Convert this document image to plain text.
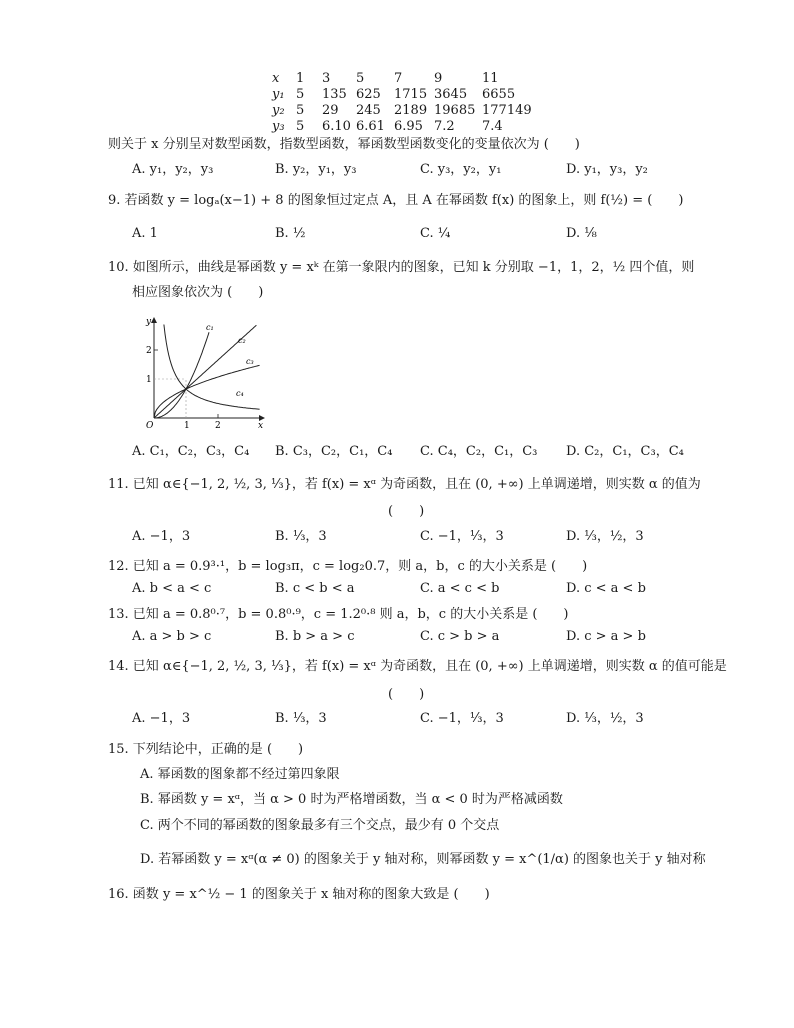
x	1	3	5	7	9	11
y₁	5	135	625	1715	3645	6655
y₂	5	29	245	2189	19685	177149
y₃	5	6.10	6.61	6.95	7.2	7.4
则关于 x 分别呈对数型函数，指数型函数，幂函数型函数变化的变量依次为 (　　)
A. y₁，y₂，y₃	B. y₂，y₁，y₃	C. y₃，y₂，y₁	D. y₁，y₃，y₂
9. 若函数 y = logₐ(x−1) + 8 的图象恒过定点 A，且 A 在幂函数 f(x) 的图象上，则 f(½) = (　　)
A. 1	B. ½	C. ¼	D. ⅛
10. 如图所示，曲线是幂函数 y = xᵏ 在第一象限内的图象，已知 k 分别取 −1，1，2，½ 四个值，则
相应图象依次为 (　　)
y
x
O
1
2
1	2
c₁
c₂
c₃
c₄
A. C₁，C₂，C₃，C₄ B. C₃，C₂，C₁，C₄ C. C₄，C₂，C₁，C₃ D. C₂，C₁，C₃，C₄
11. 已知 α∈{−1, 2, ½, 3, ⅓}，若 f(x) = xᵅ 为奇函数，且在 (0, +∞) 上单调递增，则实数 α 的值为
(　　)
A. −1，3	B. ⅓，3	C. −1，⅓，3	D. ⅓，½，3
12. 已知 a = 0.9³·¹，b = log₃π，c = log₂0.7，则 a，b，c 的大小关系是 (　　)
A. b < a < c	B. c < b < a	C. a < c < b	D. c < a < b
13. 已知 a = 0.8⁰·⁷，b = 0.8⁰·⁹，c = 1.2⁰·⁸ 则 a，b，c 的大小关系是 (　　)
A. a > b > c	B. b > a > c	C. c > b > a	D. c > a > b
14. 已知 α∈{−1, 2, ½, 3, ⅓}，若 f(x) = xᵅ 为奇函数，且在 (0, +∞) 上单调递增，则实数 α 的值可能是
(　　)
A. −1，3	B. ⅓，3	C. −1，⅓，3	D. ⅓，½，3
15. 下列结论中，正确的是 (　　)
A. 幂函数的图象都不经过第四象限
B. 幂函数 y = xᵅ，当 α > 0 时为严格增函数，当 α < 0 时为严格减函数
C. 两个不同的幂函数的图象最多有三个交点，最少有 0 个交点
D. 若幂函数 y = xᵅ(α ≠ 0) 的图象关于 y 轴对称，则幂函数 y = x^(1/α) 的图象也关于 y 轴对称
16. 函数 y = x^½ − 1 的图象关于 x 轴对称的图象大致是 (　　)
